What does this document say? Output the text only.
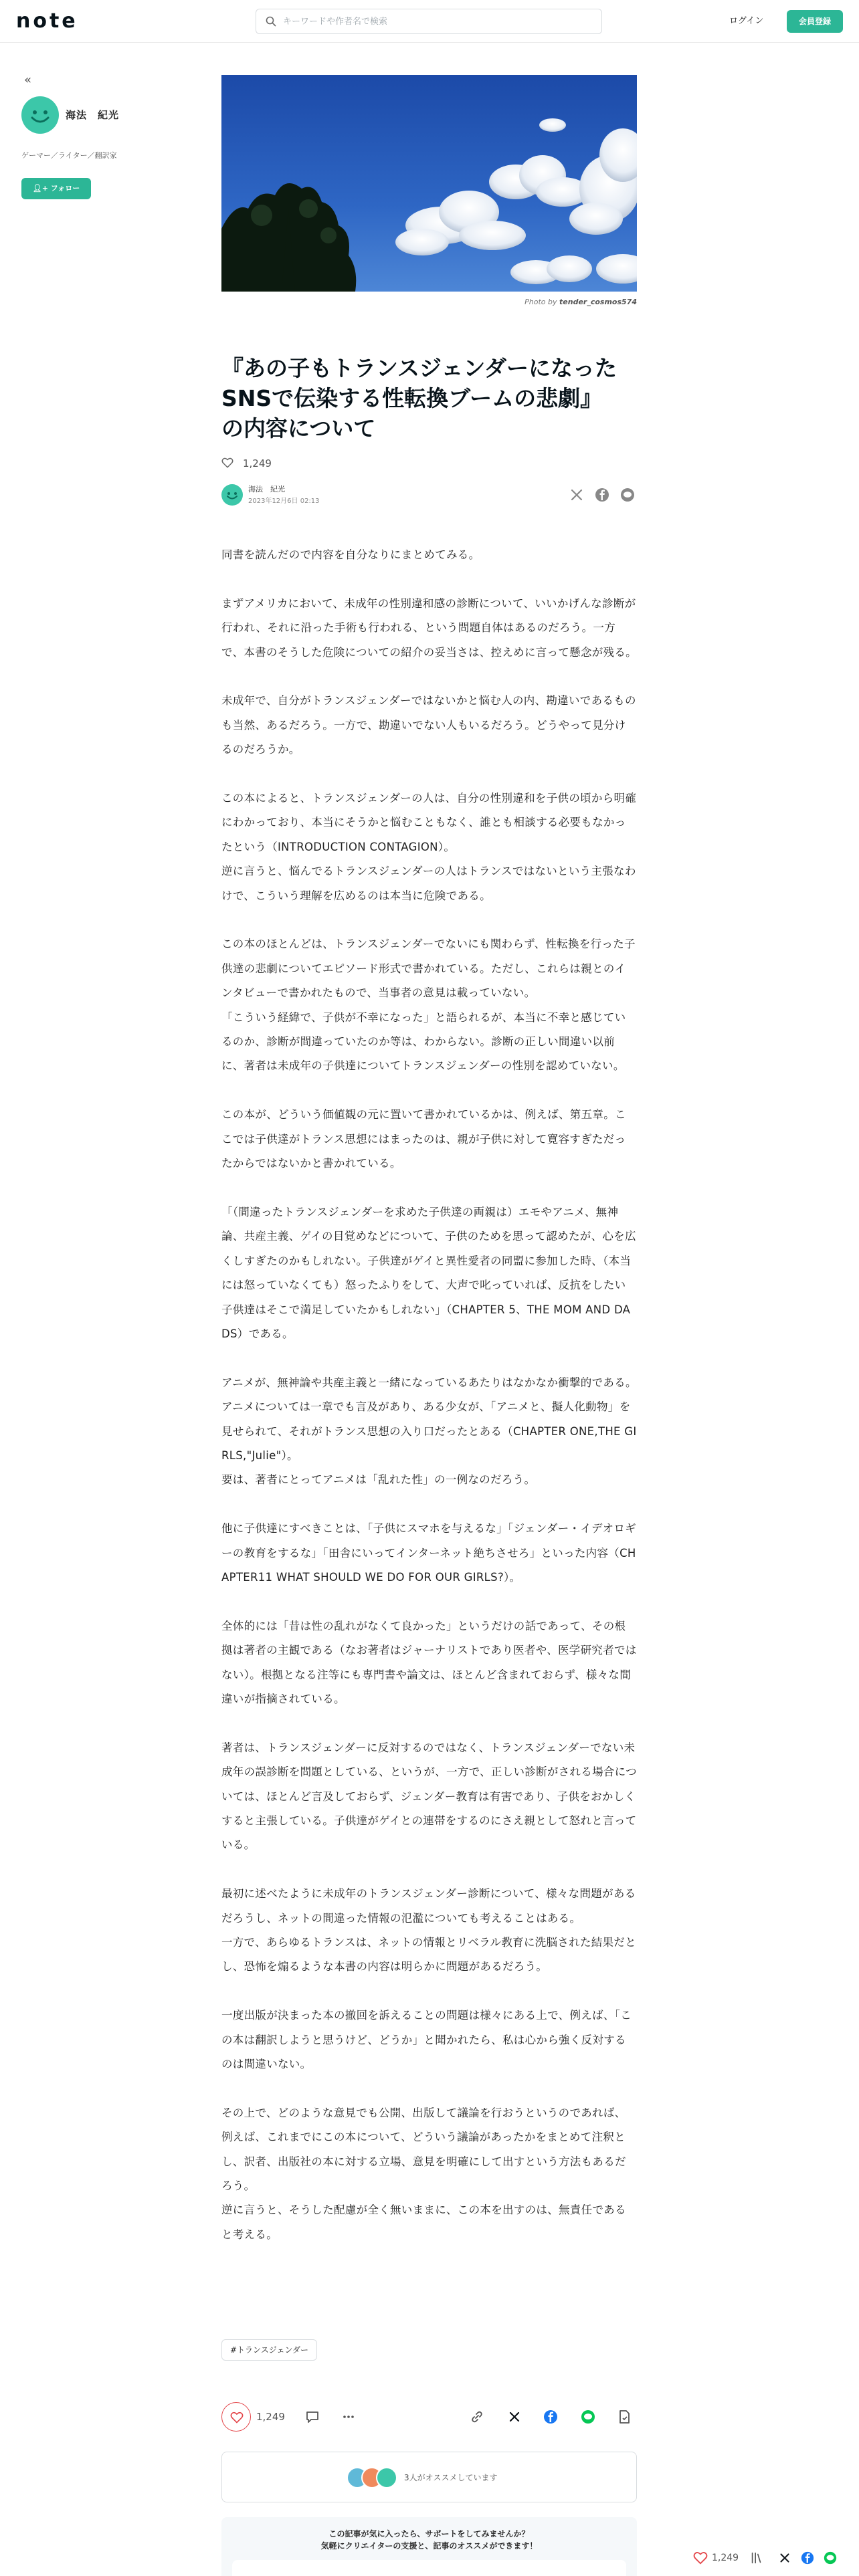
note
キーワードや作者名で検索	ログイン	会員登録
«
海法　紀光
ゲーマー／ライター／翻訳家
👤︎+ フォロー
Photo by tender_cosmos574
『あの子もトランスジェンダーになった SNSで伝染する性転換ブームの悲劇』の内容について
1,249
海法　紀光
2023年12月6日 02:13

同書を読んだので内容を自分なりにまとめてみる。

まずアメリカにおいて、未成年の性別違和感の診断について、いいかげんな診断が行われ、それに沿った手術も行われる、という問題自体はあるのだろう。一方で、本書のそうした危険についての紹介の妥当さは、控えめに言って懸念が残る。

未成年で、自分がトランスジェンダーではないかと悩む人の内、勘違いであるものも当然、あるだろう。一方で、勘違いでない人もいるだろう。どうやって見分けるのだろうか。

この本によると、トランスジェンダーの人は、自分の性別違和を子供の頃から明確にわかっており、本当にそうかと悩むこともなく、誰とも相談する必要もなかったという（INTRODUCTION CONTAGION）。
逆に言うと、悩んでるトランスジェンダーの人はトランスではないという主張なわけで、こういう理解を広めるのは本当に危険である。

この本のほとんどは、トランスジェンダーでないにも関わらず、性転換を行った子供達の悲劇についてエピソード形式で書かれている。ただし、これらは親とのインタビューで書かれたもので、当事者の意見は載っていない。
「こういう経緯で、子供が不幸になった」と語られるが、本当に不幸と感じているのか、診断が間違っていたのか等は、わからない。診断の正しい間違い以前に、著者は未成年の子供達についてトランスジェンダーの性別を認めていない。

この本が、どういう価値観の元に置いて書かれているかは、例えば、第五章。ここでは子供達がトランス思想にはまったのは、親が子供に対して寛容すぎただったからではないかと書かれている。

「（間違ったトランスジェンダーを求めた子供達の両親は）エモやアニメ、無神論、共産主義、ゲイの目覚めなどについて、子供のためを思って認めたが、心を広くしすぎたのかもしれない。子供達がゲイと異性愛者の同盟に参加した時、（本当には怒っていなくても）怒ったふりをして、大声で叱っていれば、反抗をしたい子供達はそこで満足していたかもしれない」（CHAPTER 5、THE MOM AND DADS）である。

アニメが、無神論や共産主義と一緒になっているあたりはなかなか衝撃的である。アニメについては一章でも言及があり、ある少女が、「アニメと、擬人化動物」を見せられて、それがトランス思想の入り口だったとある（CHAPTER ONE,THE GIRLS,"Julie"）。
要は、著者にとってアニメは「乱れた性」の一例なのだろう。

他に子供達にすべきことは、「子供にスマホを与えるな」「ジェンダー・イデオロギーの教育をするな」「田舎にいってインターネット絶ちさせろ」といった内容（CHAPTER11 WHAT SHOULD WE DO FOR OUR GIRLS?）。

全体的には「昔は性の乱れがなくて良かった」というだけの話であって、その根拠は著者の主観である（なお著者はジャーナリストであり医者や、医学研究者ではない）。根拠となる注等にも専門書や論文は、ほとんど含まれておらず、様々な間違いが指摘されている。

著者は、トランスジェンダーに反対するのではなく、トランスジェンダーでない未成年の誤診断を問題としている、というが、一方で、正しい診断がされる場合については、ほとんど言及しておらず、ジェンダー教育は有害であり、子供をおかしくすると主張している。子供達がゲイとの連帯をするのにさえ親として怒れと言っている。

最初に述べたように未成年のトランスジェンダー診断について、様々な問題があるだろうし、ネットの間違った情報の氾濫についても考えることはある。
一方で、あらゆるトランスは、ネットの情報とリベラル教育に洗脳された結果だとし、恐怖を煽るような本書の内容は明らかに問題があるだろう。

一度出版が決まった本の撤回を訴えることの問題は様々にある上で、例えば、「この本は翻訳しようと思うけど、どうか」と聞かれたら、私は心から強く反対するのは間違いない。

その上で、どのような意見でも公開、出版して議論を行おうというのであれば、例えば、これまでにこの本について、どういう議論があったかをまとめて注釈とし、訳者、出版社の本に対する立場、意見を明確にして出すという方法もあるだろう。
逆に言うと、そうした配慮が全く無いままに、この本を出すのは、無責任であると考える。

#トランスジェンダー
1,249
3人がオススメしています
この記事が気に入ったら、サポートをしてみませんか？
気軽にクリエイターの支援と、記事のオススメができます！
1,249
